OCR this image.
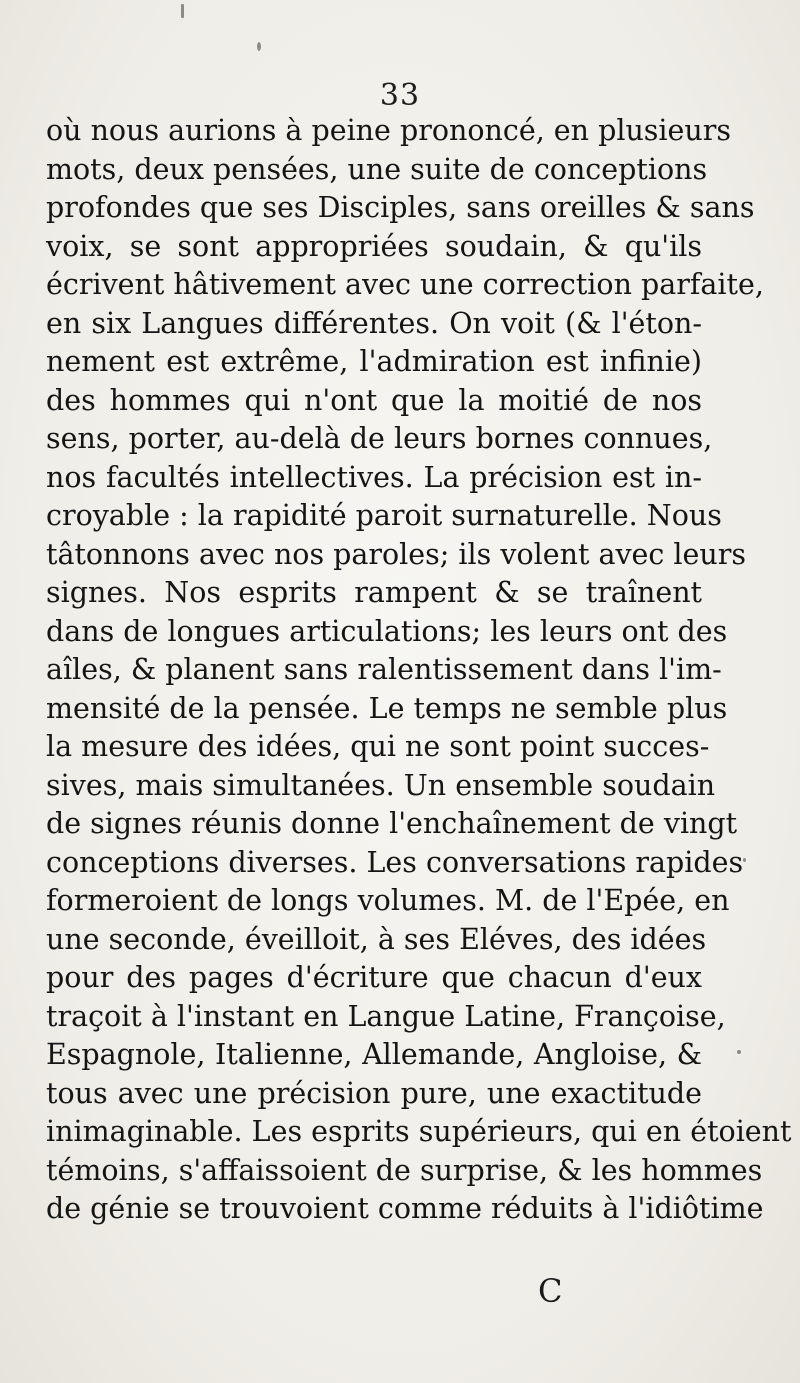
33
où nous aurions à peine prononcé, en plusieurs
mots, deux pensées, une suite de conceptions
profondes que ses Disciples, sans oreilles & sans
voix, se sont appropriées soudain, & qu'ils
écrivent hâtivement avec une correction parfaite,
en six Langues différentes. On voit (& l'éton-
nement est extrême, l'admiration est infinie)
des hommes qui n'ont que la moitié de nos
sens, porter, au-delà de leurs bornes connues,
nos facultés intellectives. La précision est in-
croyable : la rapidité paroit surnaturelle. Nous
tâtonnons avec nos paroles; ils volent avec leurs
signes. Nos esprits rampent & se traînent
dans de longues articulations; les leurs ont des
aîles, & planent sans ralentissement dans l'im-
mensité de la pensée. Le temps ne semble plus
la mesure des idées, qui ne sont point succes-
sives, mais simultanées. Un ensemble soudain
de signes réunis donne l'enchaînement de vingt
conceptions diverses. Les conversations rapides
formeroient de longs volumes. M. de l'Epée, en
une seconde, éveilloit, à ses Eléves, des idées
pour des pages d'écriture que chacun d'eux
traçoit à l'instant en Langue Latine, Françoise,
Espagnole, Italienne, Allemande, Angloise, &
tous avec une précision pure, une exactitude
inimaginable. Les esprits supérieurs, qui en étoient
témoins, s'affaissoient de surprise, & les hommes
de génie se trouvoient comme réduits à l'idiôtime
C
